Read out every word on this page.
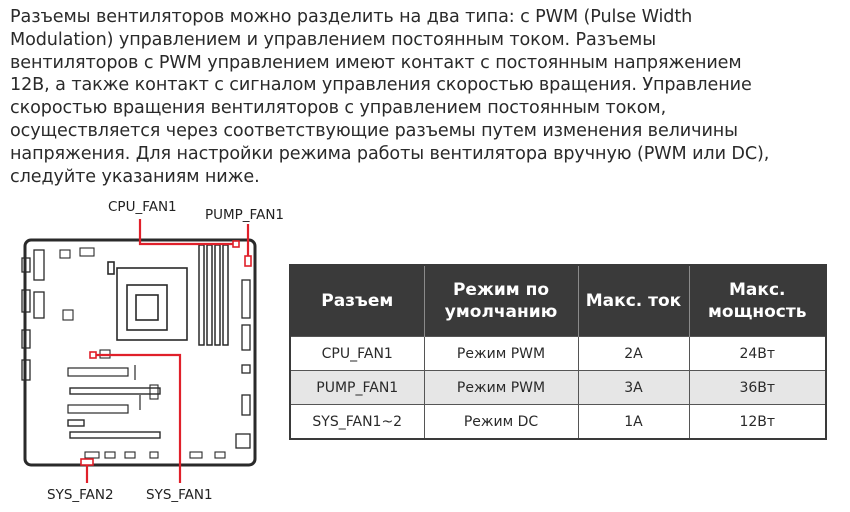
Разъемы вентиляторов можно разделить на два типа: с PWM (Pulse Width
Modulation) управлением и управлением постоянным током. Разъемы
вентиляторов с PWM управлением имеют контакт с постоянным напряжением
12В, а также контакт с сигналом управления скоростью вращения. Управление
скоростью вращения вентиляторов с управлением постоянным током,
осуществляется через соответствующие разъемы путем изменения величины
напряжения. Для настройки режима работы вентилятора вручную (PWM или DC),
следуйте указаниям ниже.
CPU_FAN1 PUMP_FAN1
SYS_FAN2 SYS_FAN1
Разъем	Режим по умолчанию	Макс. ток	Макс. мощность
CPU_FAN1	Режим PWM	2A	24Вт
PUMP_FAN1	Режим PWM	3A	36Вт
SYS_FAN1~2	Режим DC	1A	12Вт
